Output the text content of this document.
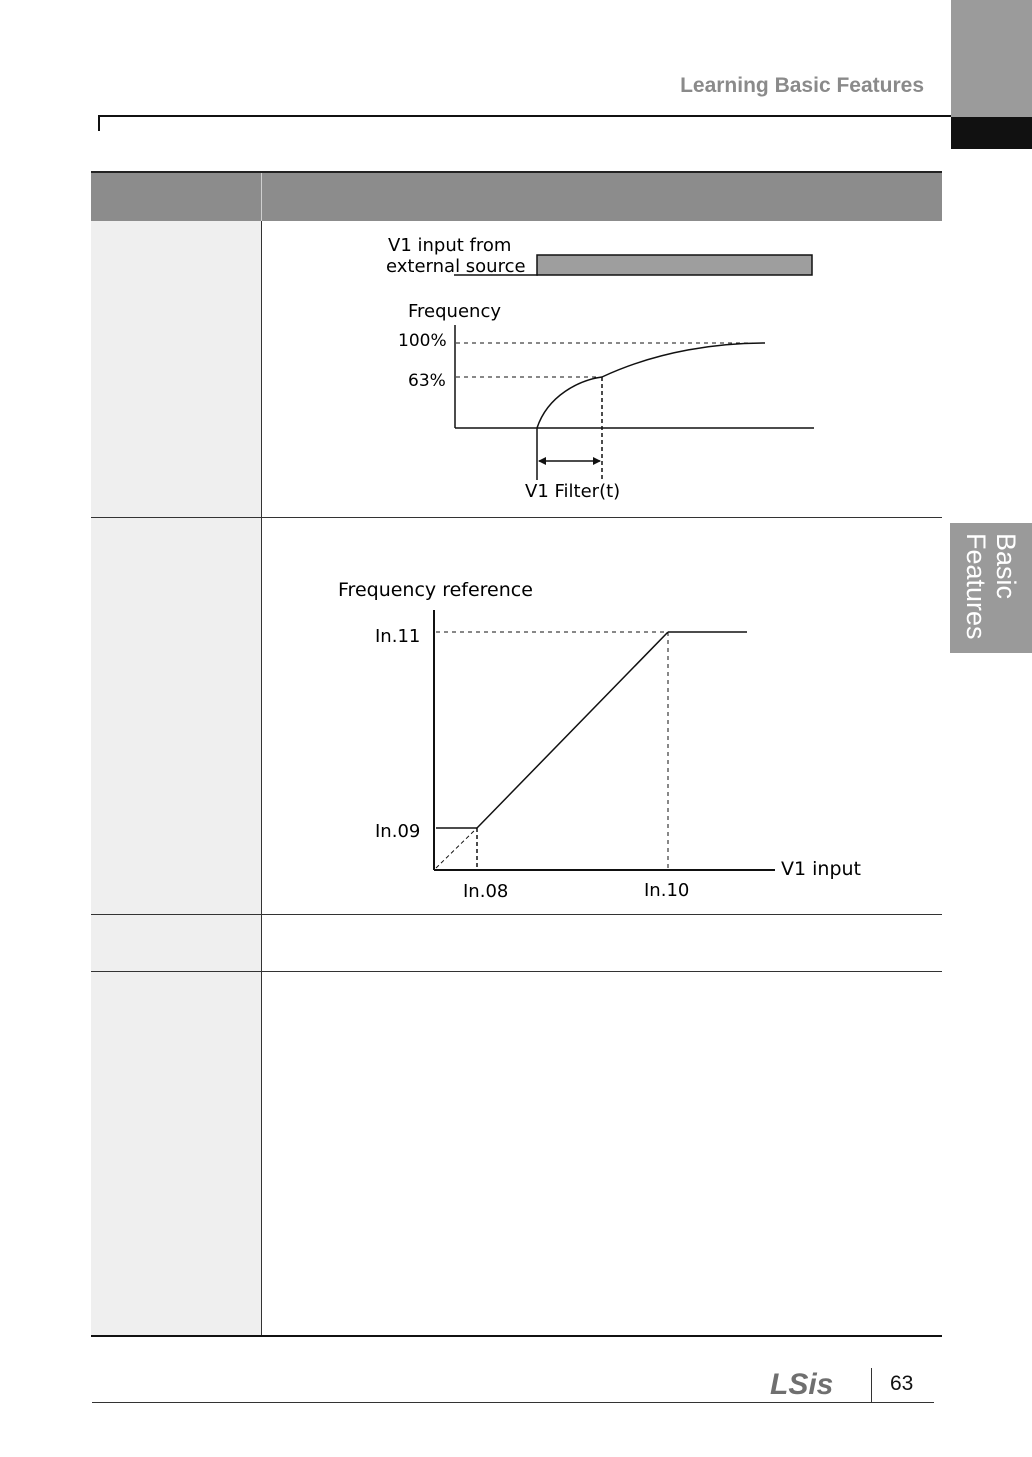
Learning Basic Features
Basic
Features
V1 input from
external source
Frequency
100%
63%
V1 Filter(t)
Frequency reference
In.11
In.09
V1 input
In.08	In.10
LSis	63
